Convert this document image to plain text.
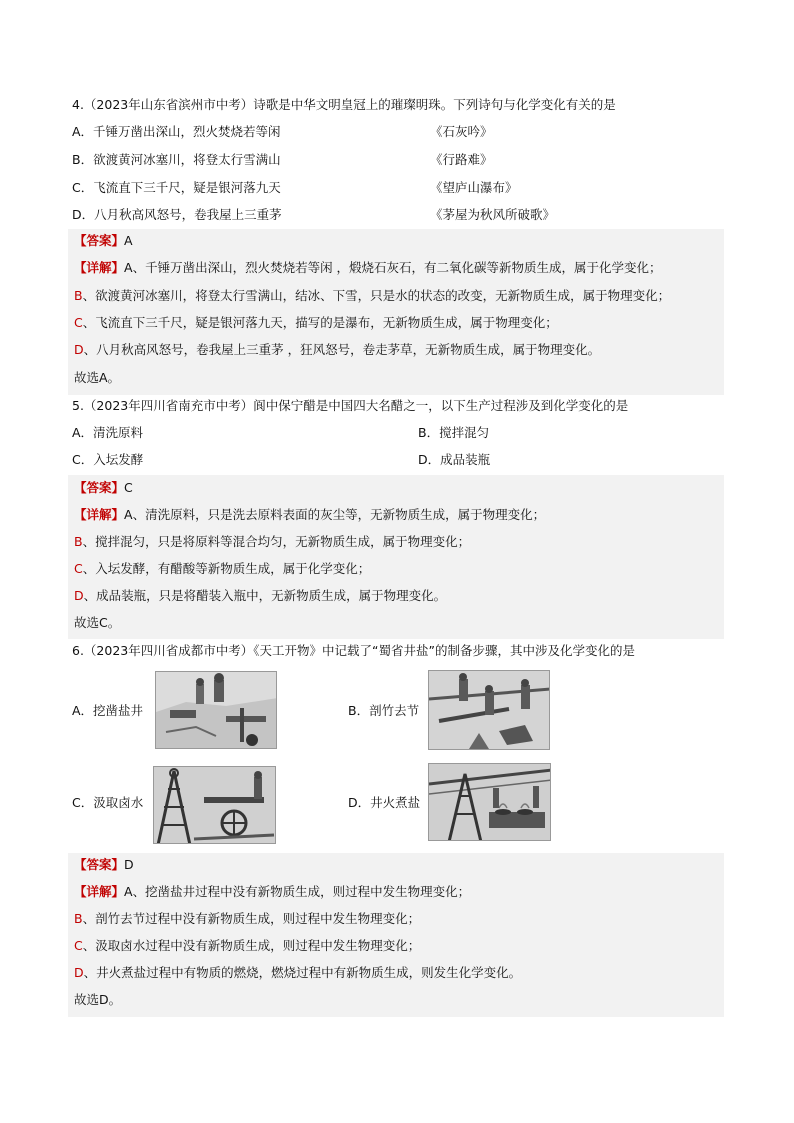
4.（2023年山东省滨州市中考）诗歌是中华文明皇冠上的璀璨明珠。下列诗句与化学变化有关的是
A．千锤万凿出深山，烈火焚烧若等闲	《石灰吟》
B．欲渡黄河冰塞川，将登太行雪满山	《行路难》
C．飞流直下三千尺，疑是银河落九天	《望庐山瀑布》
D．八月秋高风怒号，卷我屋上三重茅	《茅屋为秋风所破歌》
【答案】A
【详解】A、千锤万凿出深山，烈火焚烧若等闲 ，煅烧石灰石，有二氧化碳等新物质生成，属于化学变化；
B、欲渡黄河冰塞川，将登太行雪满山，结冰、下雪，只是水的状态的改变，无新物质生成，属于物理变化；
C、飞流直下三千尺，疑是银河落九天，描写的是瀑布，无新物质生成，属于物理变化；
D、八月秋高风怒号，卷我屋上三重茅 ，狂风怒号，卷走茅草，无新物质生成，属于物理变化。
故选A。
5.（2023年四川省南充市中考）阆中保宁醋是中国四大名醋之一，以下生产过程涉及到化学变化的是
A．清洗原料	B．搅拌混匀
C．入坛发酵	D．成品装瓶
【答案】C
【详解】A、清洗原料，只是洗去原料表面的灰尘等，无新物质生成，属于物理变化；
B、搅拌混匀，只是将原料等混合均匀，无新物质生成，属于物理变化；
C、入坛发酵，有醋酸等新物质生成，属于化学变化；
D、成品装瓶，只是将醋装入瓶中，无新物质生成，属于物理变化。
故选C。
6.（2023年四川省成都市中考）《天工开物》中记载了“蜀省井盐”的制备步骤，其中涉及化学变化的是
A．挖凿盐井	B．剖竹去节
C．汲取卤水	D．井火煮盐
【答案】D
【详解】A、挖凿盐井过程中没有新物质生成，则过程中发生物理变化；
B、剖竹去节过程中没有新物质生成，则过程中发生物理变化；
C、汲取卤水过程中没有新物质生成，则过程中发生物理变化；
D、井火煮盐过程中有物质的燃烧，燃烧过程中有新物质生成，则发生化学变化。
故选D。
